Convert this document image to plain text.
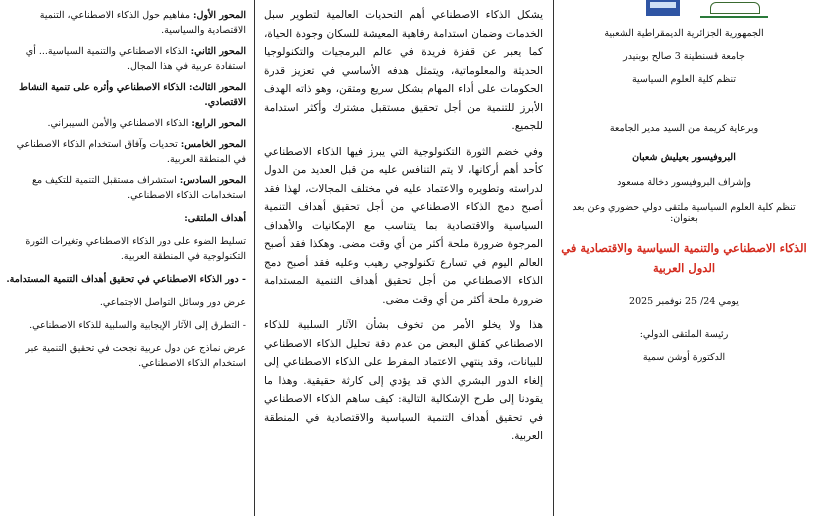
المحور الأول: مفاهيم حول الذكاء الاصطناعي، التنمية الاقتصادية والسياسية.

المحور الثاني: الذكاء الاصطناعي والتنمية السياسية... أي استفادة عربية في هذا المجال.

المحور الثالث: الذكاء الاصطناعي وأثره على تنمية النشاط الاقتصادي.

المحور الرابع: الذكاء الاصطناعي والأمن السيبراني.

المحور الخامس: تحديات وآفاق استخدام الذكاء الاصطناعي في المنطقة العربية.

المحور السادس: استشراف مستقبل التنمية للتكيف مع استخدامات الذكاء الاصطناعي.

أهداف الملتقى:

تسليط الضوء على دور الذكاء الاصطناعي وتغيرات الثورة التكنولوجية في المنطقة العربية.

- دور الذكاء الاصطناعي في تحقيق أهداف التنمية المستدامة.

عرض دور وسائل التواصل الاجتماعي.

- التطرق إلى الآثار الإيجابية والسلبية للذكاء الاصطناعي.

عرض نماذج عن دول عربية نجحت في تحقيق التنمية عبر استخدام الذكاء الاصطناعي.

يشكل الذكاء الاصطناعي أهم التحديات العالمية لتطوير سبل الخدمات وضمان استدامة رفاهية المعيشة للسكان وجودة الحياة، كما يعبر عن قفزة فريدة في عالم البرمجيات والتكنولوجيا الحديثة والمعلوماتية، ويتمثل هدفه الأساسي في تعزيز قدرة الحكومات على أداء المهام بشكل سريع ومتقن، وهو ذاته الهدف الأبرز للتنمية من أجل تحقيق مستقبل مشترك وأكثر استدامة للجميع.

وفي خضم الثورة التكنولوجية التي يبرز فيها الذكاء الاصطناعي كأحد أهم أركانها، لا يتم التنافس عليه من قبل العديد من الدول لدراسته وتطويره والاعتماد عليه في مختلف المجالات، لهذا فقد أصبح دمج الذكاء الاصطناعي من أجل تحقيق أهداف التنمية السياسية والاقتصادية بما يتناسب مع الإمكانيات والأهداف المرجوة ضرورة ملحة أكثر من أي وقت مضى. وهكذا فقد أصبح العالم اليوم في تسارع تكنولوجي رهيب وعليه فقد أصبح دمج الذكاء الاصطناعي من أجل تحقيق أهداف التنمية المستدامة ضرورة ملحة أكثر من أي وقت مضى.

هذا ولا يخلو الأمر من تخوف بشأن الآثار السلبية للذكاء الاصطناعي كقلق البعض من عدم دقة تحليل الذكاء الاصطناعي للبيانات، وقد ينتهي الاعتماد المفرط على الذكاء الاصطناعي إلى إلغاء الدور البشري الذي قد يؤدي إلى كارثة حقيقية. وهذا ما يقودنا إلى طرح الإشكالية التالية: كيف ساهم الذكاء الاصطناعي في تحقيق أهداف التنمية السياسية والاقتصادية في المنطقة العربية.

الجمهورية الجزائرية الديمقراطية الشعبية

جامعة قسنطينة 3 صالح بوبنيدر

تنظم كلية العلوم السياسية

وبرعاية كريمة من السيد مدير الجامعة

البروفيسور بعيليش شعبان

وإشراف البروفيسور دخالة مسعود

تنظم كلية العلوم السياسية ملتقى دولي حضوري وعن بعد بعنوان:

الذكاء الاصطناعي والتنمية السياسية والاقتصادية في الدول العربية

يومي 24/ 25 نوفمبر 2025

رئيسة الملتقى الدولي:

الدكتورة أوشن سمية
